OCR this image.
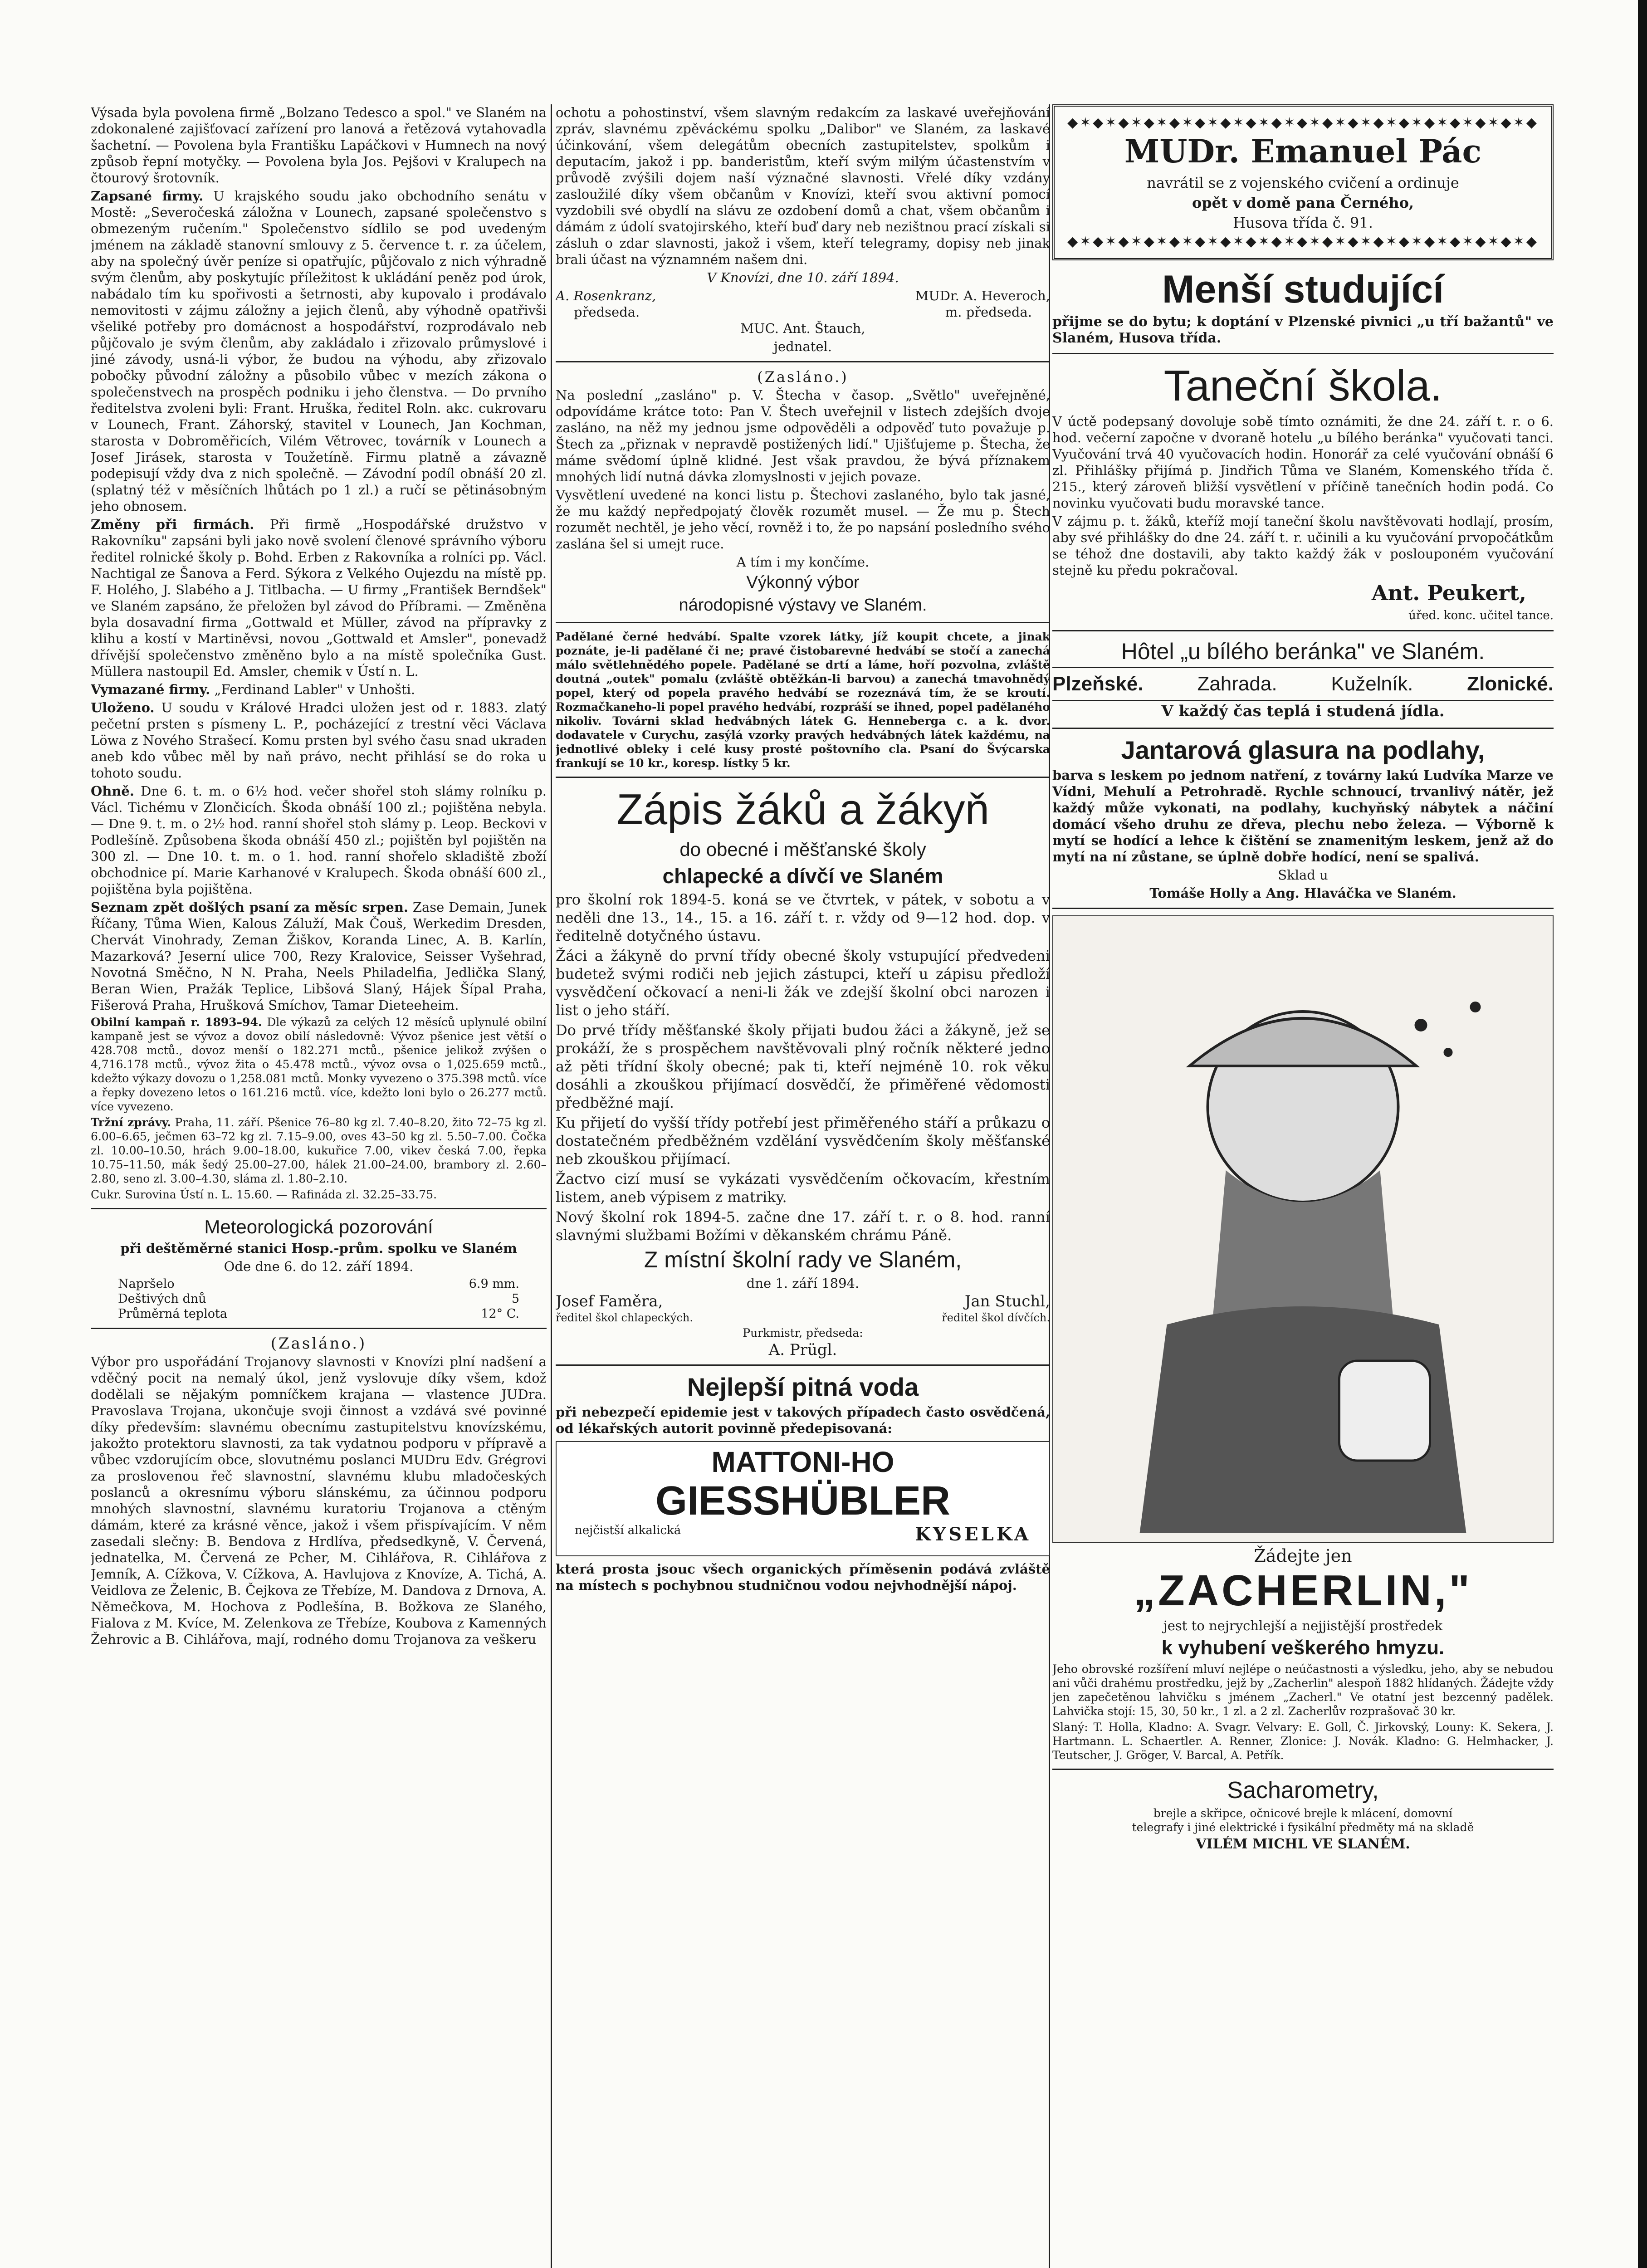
Výsada byla povolena firmě „Bolzano Tedesco a spol." ve Slaném na zdokonalené zajišťovací zařízení pro lanová a řetězová vytahovadla šachetní. — Povolena byla Františku Lapáčkovi v Humnech na nový způsob řepní motyčky. — Povolena byla Jos. Pejšovi v Kralupech na čtourový šrotovník.

Zapsané firmy. U krajského soudu jako obchodního senátu v Mostě: „Severočeská záložna v Lounech, zapsané společenstvo s obmezeným ručením." Společenstvo sídlilo se pod uvedeným jménem na základě stanovní smlouvy z 5. července t. r. za účelem, aby na společný úvěr peníze si opatřujíc, půjčovalo z nich výhradně svým členům, aby poskytujíc příležitost k ukládání peněz pod úrok, nabádalo tím ku spořivosti a šetrnosti, aby kupovalo i prodávalo nemovitosti v zájmu záložny a jejich členů, aby výhodně opatřivši všeliké potřeby pro domácnost a hospodářství, rozprodávalo neb půjčovalo je svým členům, aby zakládalo i zřizovalo průmyslové i jiné závody, usná-li výbor, že budou na výhodu, aby zřizovalo pobočky původní záložny a působilo vůbec v mezích zákona o společenstvech na prospěch podniku i jeho členstva. — Do prvního ředitelstva zvoleni byli: Frant. Hruška, ředitel Roln. akc. cukrovaru v Lounech, Frant. Záhorský, stavitel v Lounech, Jan Kochman, starosta v Dobroměřicích, Vilém Větrovec, továrník v Lounech a Josef Jirásek, starosta v Toužetíně. Firmu platně a závazně podepisují vždy dva z nich společně. — Závodní podíl obnáší 20 zl. (splatný též v měsíčních lhůtách po 1 zl.) a ručí se pětinásobným jeho obnosem.

Změny při firmách. Při firmě „Hospodářské družstvo v Rakovníku" zapsáni byli jako nově svolení členové správního výboru ředitel rolnické školy p. Bohd. Erben z Rakovníka a rolníci pp. Václ. Nachtigal ze Šanova a Ferd. Sýkora z Velkého Oujezdu na místě pp. F. Holého, J. Slabého a J. Titlbacha. — U firmy „František Berndšek" ve Slaném zapsáno, že přeložen byl závod do Příbrami. — Změněna byla dosavadní firma „Gottwald et Müller, závod na přípravky z klihu a kostí v Martiněvsi, novou „Gottwald et Amsler", ponevadž dřívější společenstvo změněno bylo a na místě společníka Gust. Müllera nastoupil Ed. Amsler, chemik v Ústí n. L.

Vymazané firmy. „Ferdinand Labler" v Unhošti.

Uloženo. U soudu v Králové Hradci uložen jest od r. 1883. zlatý pečetní prsten s písmeny L. P., pocházející z trestní věci Václava Löwa z Nového Strašecí. Komu prsten byl svého času snad ukraden aneb kdo vůbec měl by naň právo, necht přihlásí se do roka u tohoto soudu.

Ohně. Dne 6. t. m. o 6½ hod. večer shořel stoh slámy rolníku p. Václ. Tichému v Zlončicích. Škoda obnáší 100 zl.; pojištěna nebyla. — Dne 9. t. m. o 2½ hod. ranní shořel stoh slámy p. Leop. Beckovi v Podlešíně. Způsobena škoda obnáší 450 zl.; pojištěn byl pojištěn na 300 zl. — Dne 10. t. m. o 1. hod. ranní shořelo skladiště zboží obchodnice pí. Marie Karhanové v Kralupech. Škoda obnáší 600 zl., pojištěna byla pojištěna.

Seznam zpět došlých psaní za měsíc srpen. Zase Demain, Junek Říčany, Tůma Wien, Kalous Záluží, Mak Čouš, Werkedim Dresden, Chervát Vinohrady, Zeman Žiškov, Koranda Linec, A. B. Karlín, Mazarková? Jeserní ulice 700, Rezy Kralovice, Seisser Vyšehrad, Novotná Směčno, N N. Praha, Neels Philadelfia, Jedlička Slaný, Beran Wien, Pražák Teplice, Libšová Slaný, Hájek Šípal Praha, Fišerová Praha, Hrušková Smíchov, Tamar Dieteeheim.

Obilní kampaň r. 1893–94. Dle výkazů za celých 12 měsíců uplynulé obilní kampaně jest se vývoz a dovoz obilí následovně: Vývoz pšenice jest větší o 428.708 mctů., dovoz menší o 182.271 mctů., pšenice jelikož zvýšen o 4,716.178 mctů., vývoz žita o 45.478 mctů., vývoz ovsa o 1,025.659 mctů., kdežto výkazy dovozu o 1,258.081 mctů. Monky vyvezeno o 375.398 mctů. více a řepky dovezeno letos o 161.216 mctů. více, kdežto loni bylo o 26.277 mctů. více vyvezeno.

Tržní zprávy. Praha, 11. září. Pšenice 76–80 kg zl. 7.40–8.20, žito 72–75 kg zl. 6.00–6.65, ječmen 63–72 kg zl. 7.15–9.00, oves 43–50 kg zl. 5.50–7.00. Čočka zl. 10.00–10.50, hrách 9.00–18.00, kukuřice 7.00, vikev česká 7.00, řepka 10.75–11.50, mák šedý 25.00–27.00, hálek 21.00–24.00, brambory zl. 2.60–2.80, seno zl. 3.00–4.30, sláma zl. 1.80–2.10.

Cukr. Surovina Ústí n. L. 15.60. — Rafináda zl. 32.25–33.75.

Meteorologická pozorování

při deštěměrné stanici Hosp.-prům. spolku ve Slaném

Ode dne 6. do 12. září 1894.

Napršelo	6.9 mm.
Deštivých dnů	5
Průměrná teplota	12° C.

(Zasláno.)

Výbor pro uspořádání Trojanovy slavnosti v Knovízi plní nadšení a vděčný pocit na nemalý úkol, jenž vyslovuje díky všem, kdož dodělali se nějakým pomníčkem krajana — vlastence JUDra. Pravoslava Trojana, ukončuje svoji činnost a vzdává své povinné díky především: slavnému obecnímu zastupitelstvu knovízskému, jakožto protektoru slavnosti, za tak vydatnou podporu v přípravě a vůbec vzdorujícím obce, slovutnému poslanci MUDru Edv. Grégrovi za proslovenou řeč slavnostní, slavnému klubu mladočeských poslanců a okresnímu výboru slánskému, za účinnou podporu mnohých slavnostní, slavnému kuratoriu Trojanova a ctěným dámám, které za krásné věnce, jakož i všem přispívajícím. V něm zasedali slečny: B. Bendova z Hrdlíva, předsedkyně, V. Červená, jednatelka, M. Červená ze Pcher, M. Cihlářova, R. Cihlářova z Jemník, A. Cížkova, V. Cížkova, A. Havlujova z Knovíze, A. Tichá, A. Veidlova ze Želenic, B. Čejkova ze Třebíze, M. Dandova z Drnova, A. Němečkova, M. Hochova z Podlešína, B. Božkova ze Slaného, Fialova z M. Kvíce, M. Zelenkova ze Třebíze, Koubova z Kamenných Žehrovic a B. Cihlářova, mají, rodného domu Trojanova za veškeru

ochotu a pohostinství, všem slavným redakcím za laskavé uveřejňování zpráv, slavnému zpěváckému spolku „Dalibor" ve Slaném, za laskavé účinkování, všem delegátům obecních zastupitelstev, spolkům i deputacím, jakož i pp. banderistům, kteří svým milým účastenstvím v průvodě zvýšili dojem naší význačné slavnosti. Vřelé díky vzdány zasloužilé díky všem občanům v Knovízi, kteří svou aktivní pomocí vyzdobili své obydlí na slávu ze ozdobení domů a chat, všem občanům i dámám z údolí svatojirského, kteří buď dary neb nezištnou prací získali si zásluh o zdar slavnosti, jakož i všem, kteří telegramy, dopisy neb jinak brali účast na významném našem dni.

V Knovízi, dne 10. září 1894.

A. Rosenkranz,	MUDr. A. Heveroch,
předseda.	m. předseda.

MUC. Ant. Štauch,

jednatel.

(Zasláno.)

Na poslední „zasláno" p. V. Štecha v časop. „Světlo" uveřejněné, odpovídáme krátce toto: Pan V. Štech uveřejnil v listech zdejších dvoje zasláno, na něž my jednou jsme odpověděli a odpověď tuto považuje p. Štech za „přiznak v nepravdě postižených lidí." Ujišťujeme p. Štecha, že máme svědomí úplně klidné. Jest však pravdou, že bývá příznakem mnohých lidí nutná dávka zlomyslnosti v jejich povaze.

Vysvětlení uvedené na konci listu p. Štechovi zaslaného, bylo tak jasné, že mu každý nepředpojatý člověk rozumět musel. — Že mu p. Štech rozumět nechtěl, je jeho věcí, rovněž i to, že po napsání posledního svého zaslána šel si umejt ruce.

A tím i my končíme.

Výkonný výbor

národopisné výstavy ve Slaném.

Padělané černé hedvábí. Spalte vzorek látky, jíž koupit chcete, a jinak poznáte, je-li padělané či ne; pravé čistobarevné hedvábí se stočí a zanechá málo světlehnědého popele. Padělané se drtí a láme, hoří pozvolna, zvláště doutná „outek" pomalu (zvláště obtěžkán-li barvou) a zanechá tmavohnědý popel, který od popela pravého hedvábí se rozeznává tím, že se kroutí. Rozmačkaneho-li popel pravého hedvábí, rozpráší se ihned, popel padělaného nikoliv. Továrni sklad hedvábných látek G. Henneberga c. a k. dvor. dodavatele v Curychu, zasýlá vzorky pravých hedvábných látek každému, na jednotlivé oblekу i celé kusy prosté poštovního cla. Psaní do Švýcarska frankují se 10 kr., koresp. lístky 5 kr.

Zápis žáků a žákyň

do obecné i měšťanské školy

chlapecké a dívčí ve Slaném

pro školní rok 1894-5. koná se ve čtvrtek, v pátek, v sobotu a v neděli dne 13., 14., 15. a 16. září t. r. vždy od 9—12 hod. dop. v ředitelně dotyčného ústavu.

Žáci a žákyně do první třídy obecné školy vstupující předvedeni budetež svými rodiči neb jejich zástupci, kteří u zápisu předloží vysvědčení očkovací a neni-li žák ve zdejší školní obci narozen i list o jeho stáří.

Do prvé třídy měšťanské školy přijati budou žáci a žákyně, jež se prokáží, že s prospěchem navštěvovali plný ročník některé jedno až pěti třídní školy obecné; pak ti, kteří nejméně 10. rok věku dosáhli a zkouškou přijímací dosvědčí, že přiměřené vědomosti předběžné mají.

Ku přijetí do vyšší třídy potřebí jest přiměřeného stáří a průkazu o dostatečném předběžném vzdělání vysvědčením školy měšťanské neb zkouškou přijímací.

Žactvo cizí musí se vykázati vysvědčením očkovacím, křestním listem, aneb výpisem z matriky.

Nový školní rok 1894-5. začne dne 17. září t. r. o 8. hod. ranní slavnými službami Božími v děkanském chrámu Páně.

Z místní školní rady ve Slaném,

dne 1. září 1894.

Josef Faměra,	Jan Stuchl,
ředitel škol chlapeckých.	ředitel škol dívčích.

Purkmistr, předseda:

A. Prügl.

Nejlepší pitná voda

při nebezpečí epidemie jest v takových případech často osvědčená, od lékařských autorit povinně předepisovaná:

MATTONI-HO
GIESSHÜBLER
nejčistší alkalická	KYSELKA

která prosta jsouc všech organických příměsenin podává zvláště na místech s pochybnou studničnou vodou nejvhodnější nápoj.

◆✶◆✶◆✶◆✶◆✶◆✶◆✶◆✶◆✶◆✶◆✶◆✶◆✶◆✶◆✶◆✶◆✶◆✶◆

MUDr. Emanuel Pác

navrátil se z vojenského cvičení a ordinuje

opět v domě pana Černého,

Husova třída č. 91.

◆✶◆✶◆✶◆✶◆✶◆✶◆✶◆✶◆✶◆✶◆✶◆✶◆✶◆✶◆✶◆✶◆✶◆✶◆

Menší studující

přijme se do bytu; k doptání v Plzenské pivnici „u tří bažantů" ve Slaném, Husova třída.

Taneční škola.

V úctě podepsaný dovoluje sobě tímto oznámiti, že dne 24. září t. r. o 6. hod. večerní započne v dvoraně hotelu „u bílého beránka" vyučovati tanci. Vyučování trvá 40 vyučovacích hodin. Honorář za celé vyučování obnáší 6 zl. Přihlášky přijímá p. Jindřich Tůma ve Slaném, Komenského třída č. 215., který zároveň bližší vysvětlení v příčině tanečních hodin podá. Co novinku vyučovati budu moravské tance.

V zájmu p. t. žáků, kteříž mojí taneční školu navštěvovati hodlají, prosím, aby své přihlášky do dne 24. září t. r. učinili a ku vyučování prvopočátkům se téhož dne dostavili, aby takto každý žák v poslouponém vyučování stejně ku předu pokračoval.

Ant. Peukert,

úřed. konc. učitel tance.

Hôtel „u bílého beránka" ve Slaném.

Plzeňské.	Zahrada.	Kuželník.	Zlonické.

V každý čas teplá i studená jídla.

Jantarová glasura na podlahy,

barva s leskem po jednom natření, z továrny lakú Ludvíka Marze ve Vídni, Mehulí a Petrohradě. Rychle schnoucí, trvanlivý nátěr, jež každý může vykonati, na podlahy, kuchyňský nábytek a náčiní domácí všeho druhu ze dřeva, plechu nebo železa. — Výborně k mytí se hodící a lehce k čištění se znamenitým leskem, jenž až do mytí na ní zůstane, se úplně dobře hodící, není se spalivá.

Sklad u

Tomáše Holly a Ang. Hlaváčka ve Slaném.

Žádejte jen

„ZACHERLIN,"

jest to nejrychlejší a nejjistější prostředek

k vyhubení veškerého hmyzu.

Jeho obrovské rozšíření mluví nejlépe o neúčastnosti a výsledku, jeho, aby se nebudou ani vůči drahému prostředku, jejž by „Zacherlin" alespoň 1882 hlídaných. Žádejte vždy jen zapečetěnou lahvičku s jménem „Zacherl." Ve otatní jest bezcenný padělek. Lahvička stojí: 15, 30, 50 kr., 1 zl. a 2 zl. Zacherlův rozprašovač 30 kr.

Slaný: T. Holla, Kladno: A. Svagr. Velvary: E. Goll, Č. Jirkovský, Louny: K. Sekera, J. Hartmann. L. Schaertler. A. Renner, Zlonice: J. Novák. Kladno: G. Helmhacker, J. Teutscher, J. Gröger, V. Barcal, A. Petřík.

Sacharometry,

brejle a skřipce, očnicové brejle k mlácení, domovní telegrafy i jiné elektrické i fysikální předměty má na skladě

VILÉM MICHL VE SLANÉM.
